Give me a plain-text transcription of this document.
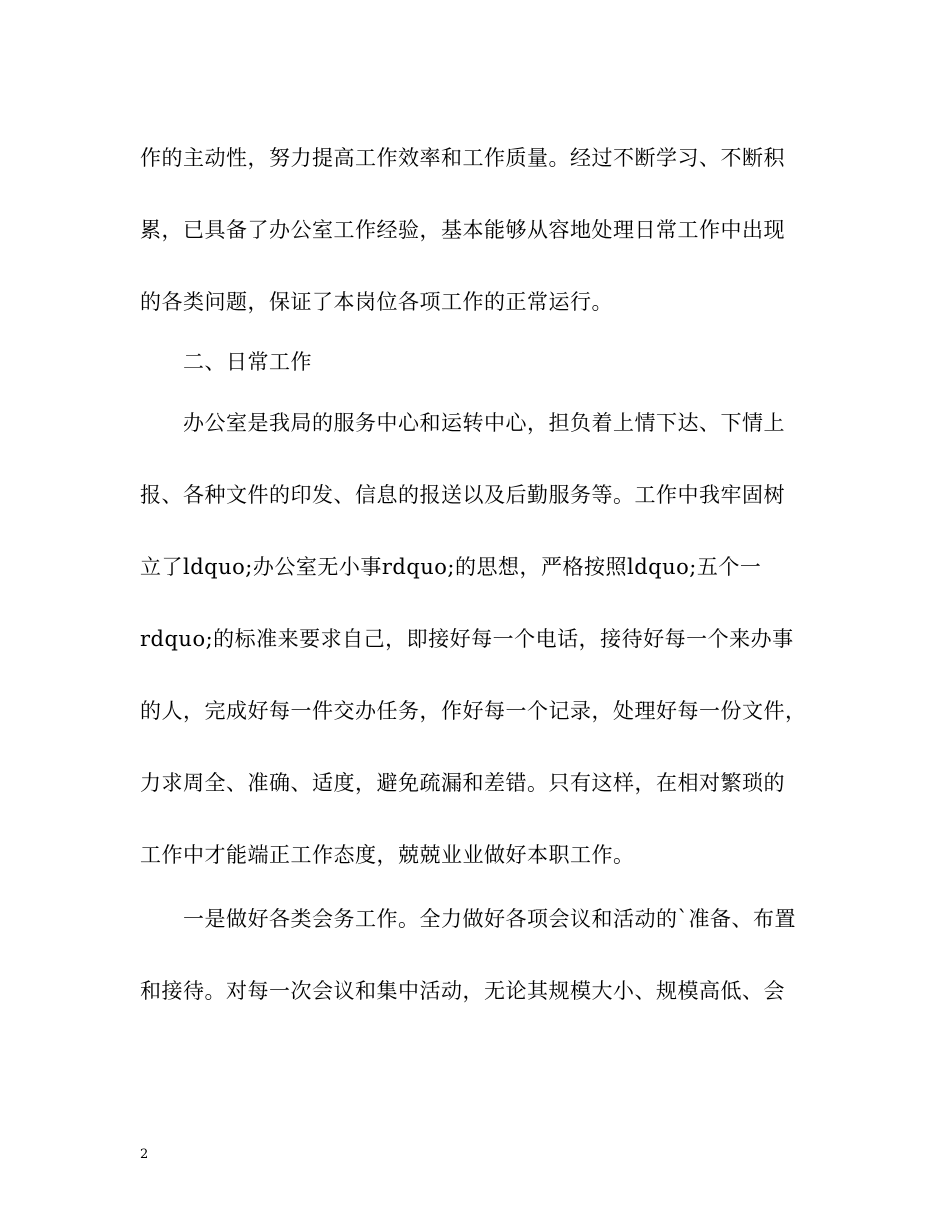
作的主动性，努力提高工作效率和工作质量。经过不断学习、不断积
累，已具备了办公室工作经验，基本能够从容地处理日常工作中出现
的各类问题，保证了本岗位各项工作的正常运行。
二、日常工作
办公室是我局的服务中心和运转中心，担负着上情下达、下情上
报、各种文件的印发、信息的报送以及后勤服务等。工作中我牢固树
立了ldquo;办公室无小事rdquo;的思想，严格按照ldquo;五个一
rdquo;的标准来要求自己，即接好每一个电话，接待好每一个来办事
的人，完成好每一件交办任务，作好每一个记录，处理好每一份文件，
力求周全、准确、适度，避免疏漏和差错。只有这样，在相对繁琐的
工作中才能端正工作态度，兢兢业业做好本职工作。
一是做好各类会务工作。全力做好各项会议和活动的`准备、布置
和接待。对每一次会议和集中活动，无论其规模大小、规模高低、会
2
